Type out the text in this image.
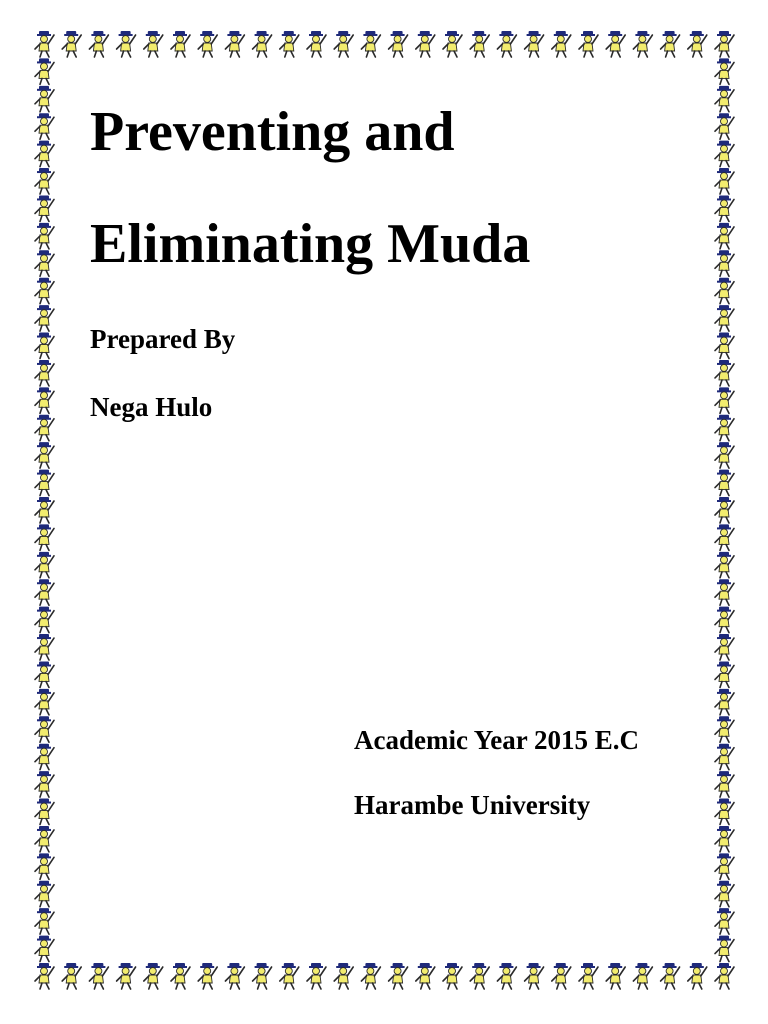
Preventing and
Eliminating Muda

Prepared By

Nega Hulo

Academic Year 2015 E.C

Harambe University
